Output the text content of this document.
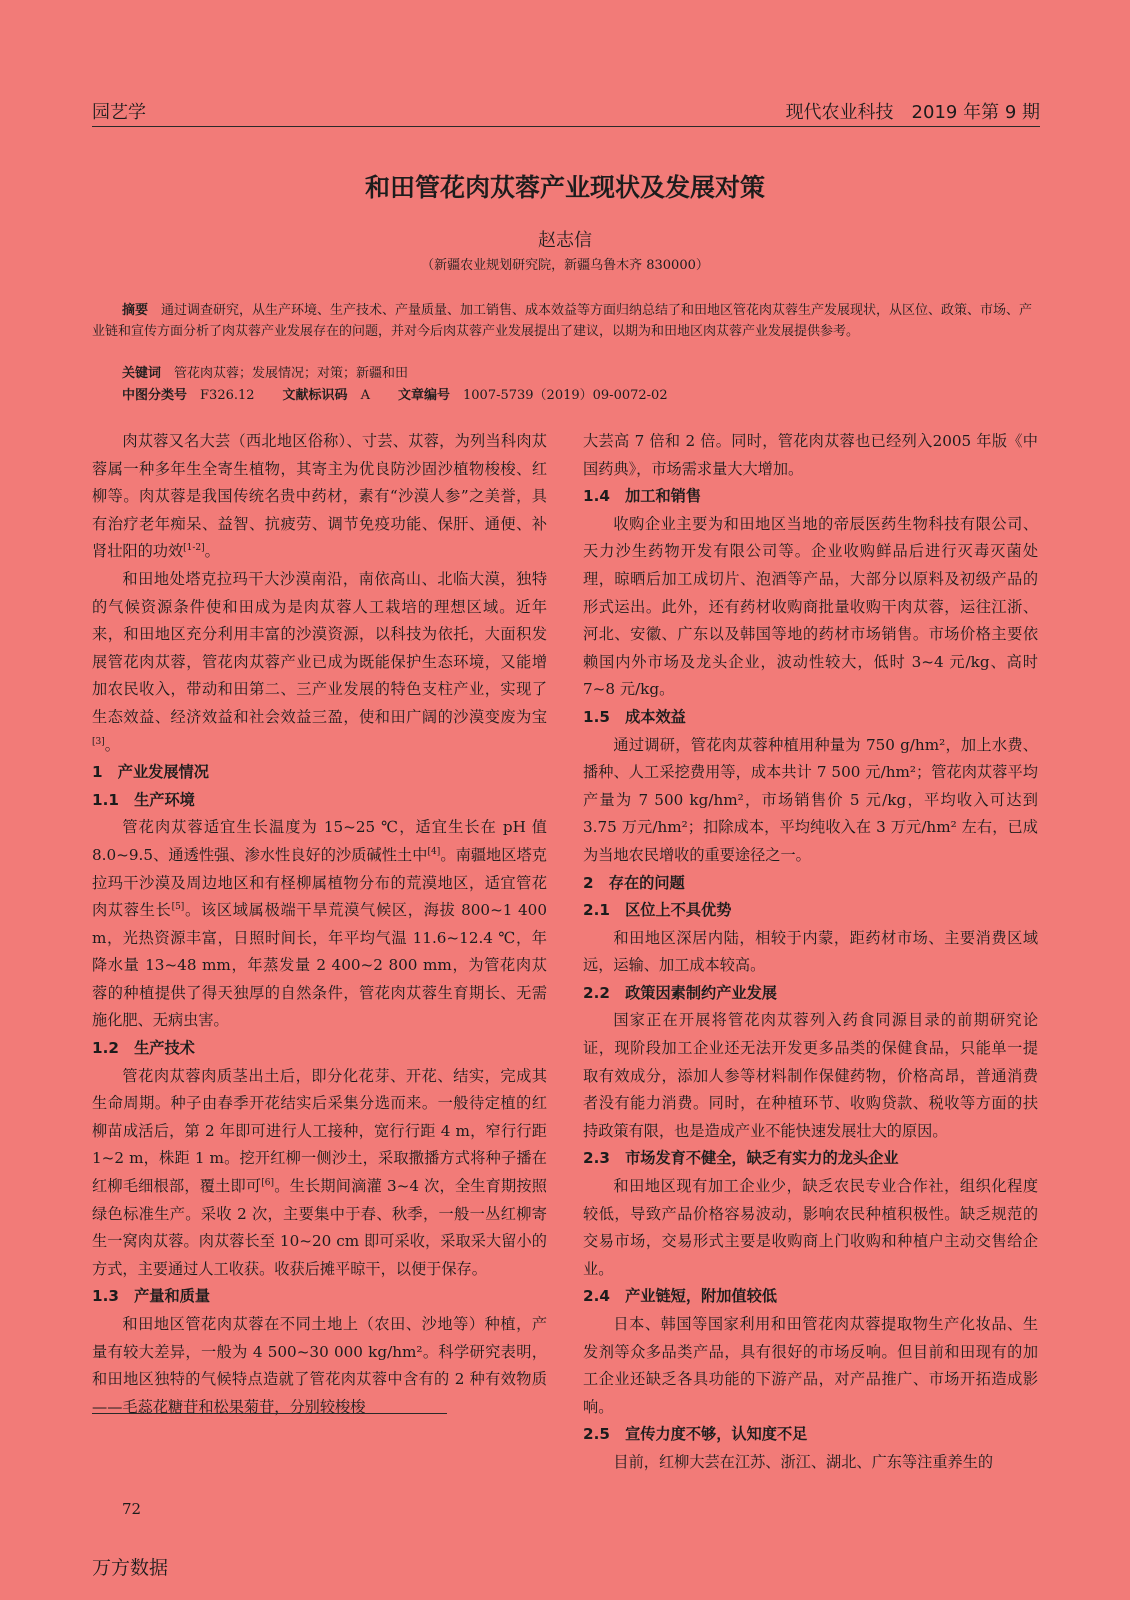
园艺学	现代农业科技　2019 年第 9 期
和田管花肉苁蓉产业现状及发展对策
赵志信
（新疆农业规划研究院，新疆乌鲁木齐 830000）
摘要　 通过调查研究，从生产环境、生产技术、产量质量、加工销售、成本效益等方面归纳总结了和田地区管花肉苁蓉生产发展现状，从区位、政策、市场、产业链和宣传方面分析了肉苁蓉产业发展存在的问题，并对今后肉苁蓉产业发展提出了建议，以期为和田地区肉苁蓉产业发展提供参考。
关键词　 管花肉苁蓉；发展情况；对策；新疆和田
中图分类号　 F326.12 文献标识码　 A 文章编号　 1007-5739（2019）09-0072-02

肉苁蓉又名大芸（西北地区俗称）、寸芸、苁蓉，为列当科肉苁蓉属一种多年生全寄生植物，其寄主为优良防沙固沙植物梭梭、红柳等。肉苁蓉是我国传统名贵中药材，素有“沙漠人参”之美誉，具有治疗老年痴呆、益智、抗疲劳、调节免疫功能、保肝、通便、补肾壮阳的功效[1-2]。

和田地处塔克拉玛干大沙漠南沿，南依高山、北临大漠，独特的气候资源条件使和田成为是肉苁蓉人工栽培的理想区域。近年来，和田地区充分利用丰富的沙漠资源，以科技为依托，大面积发展管花肉苁蓉，管花肉苁蓉产业已成为既能保护生态环境，又能增加农民收入，带动和田第二、三产业发展的特色支柱产业，实现了生态效益、经济效益和社会效益三盈，使和田广阔的沙漠变废为宝[3]。

1　产业发展情况
1.1　生产环境

管花肉苁蓉适宜生长温度为 15~25 ℃，适宜生长在 pH 值 8.0~9.5、通透性强、渗水性良好的沙质碱性土中[4]。南疆地区塔克拉玛干沙漠及周边地区和有柽柳属植物分布的荒漠地区，适宜管花肉苁蓉生长[5]。该区域属极端干旱荒漠气候区，海拔 800~1 400 m，光热资源丰富，日照时间长，年平均气温 11.6~12.4 ℃，年降水量 13~48 mm，年蒸发量 2 400~2 800 mm，为管花肉苁蓉的种植提供了得天独厚的自然条件，管花肉苁蓉生育期长、无需施化肥、无病虫害。

1.2　生产技术

管花肉苁蓉肉质茎出土后，即分化花芽、开花、结实，完成其生命周期。种子由春季开花结实后采集分选而来。一般待定植的红柳苗成活后，第 2 年即可进行人工接种，宽行行距 4 m，窄行行距 1~2 m，株距 1 m。挖开红柳一侧沙土，采取撒播方式将种子播在红柳毛细根部，覆土即可[6]。生长期间滴灌 3~4 次，全生育期按照绿色标准生产。采收 2 次，主要集中于春、秋季，一般一丛红柳寄生一窝肉苁蓉。肉苁蓉长至 10~20 cm 即可采收，采取采大留小的方式，主要通过人工收获。收获后摊平晾干，以便于保存。

1.3　产量和质量

和田地区管花肉苁蓉在不同土地上（农田、沙地等）种植，产量有较大差异，一般为 4 500~30 000 kg/hm²。科学研究表明，和田地区独特的气候特点造就了管花肉苁蓉中含有的 2 种有效物质——毛蕊花糖苷和松果菊苷，分别较梭梭

大芸高 7 倍和 2 倍。同时，管花肉苁蓉也已经列入2005 年版《中国药典》，市场需求量大大增加。

1.4　加工和销售

收购企业主要为和田地区当地的帝辰医药生物科技有限公司、天力沙生药物开发有限公司等。企业收购鲜品后进行灭毒灭菌处理，晾晒后加工成切片、泡酒等产品，大部分以原料及初级产品的形式运出。此外，还有药材收购商批量收购干肉苁蓉，运往江浙、河北、安徽、广东以及韩国等地的药材市场销售。市场价格主要依赖国内外市场及龙头企业，波动性较大，低时 3~4 元/kg、高时 7~8 元/kg。

1.5　成本效益

通过调研，管花肉苁蓉种植用种量为 750 g/hm²，加上水费、播种、人工采挖费用等，成本共计 7 500 元/hm²；管花肉苁蓉平均产量为 7 500 kg/hm²，市场销售价 5 元/kg，平均收入可达到 3.75 万元/hm²；扣除成本，平均纯收入在 3 万元/hm² 左右，已成为当地农民增收的重要途径之一。

2　存在的问题
2.1　区位上不具优势

和田地区深居内陆，相较于内蒙，距药材市场、主要消费区域远，运输、加工成本较高。

2.2　政策因素制约产业发展

国家正在开展将管花肉苁蓉列入药食同源目录的前期研究论证，现阶段加工企业还无法开发更多品类的保健食品，只能单一提取有效成分，添加人参等材料制作保健药物，价格高昂，普通消费者没有能力消费。同时，在种植环节、收购贷款、税收等方面的扶持政策有限，也是造成产业不能快速发展壮大的原因。

2.3　市场发育不健全，缺乏有实力的龙头企业

和田地区现有加工企业少，缺乏农民专业合作社，组织化程度较低，导致产品价格容易波动，影响农民种植积极性。缺乏规范的交易市场，交易形式主要是收购商上门收购和种植户主动交售给企业。

2.4　产业链短，附加值较低

日本、韩国等国家利用和田管花肉苁蓉提取物生产化妆品、生发剂等众多品类产品，具有很好的市场反响。但目前和田现有的加工企业还缺乏各具功能的下游产品，对产品推广、市场开拓造成影响。

2.5　宣传力度不够，认知度不足

目前，红柳大芸在江苏、浙江、湖北、广东等注重养生的

72
万方数据
